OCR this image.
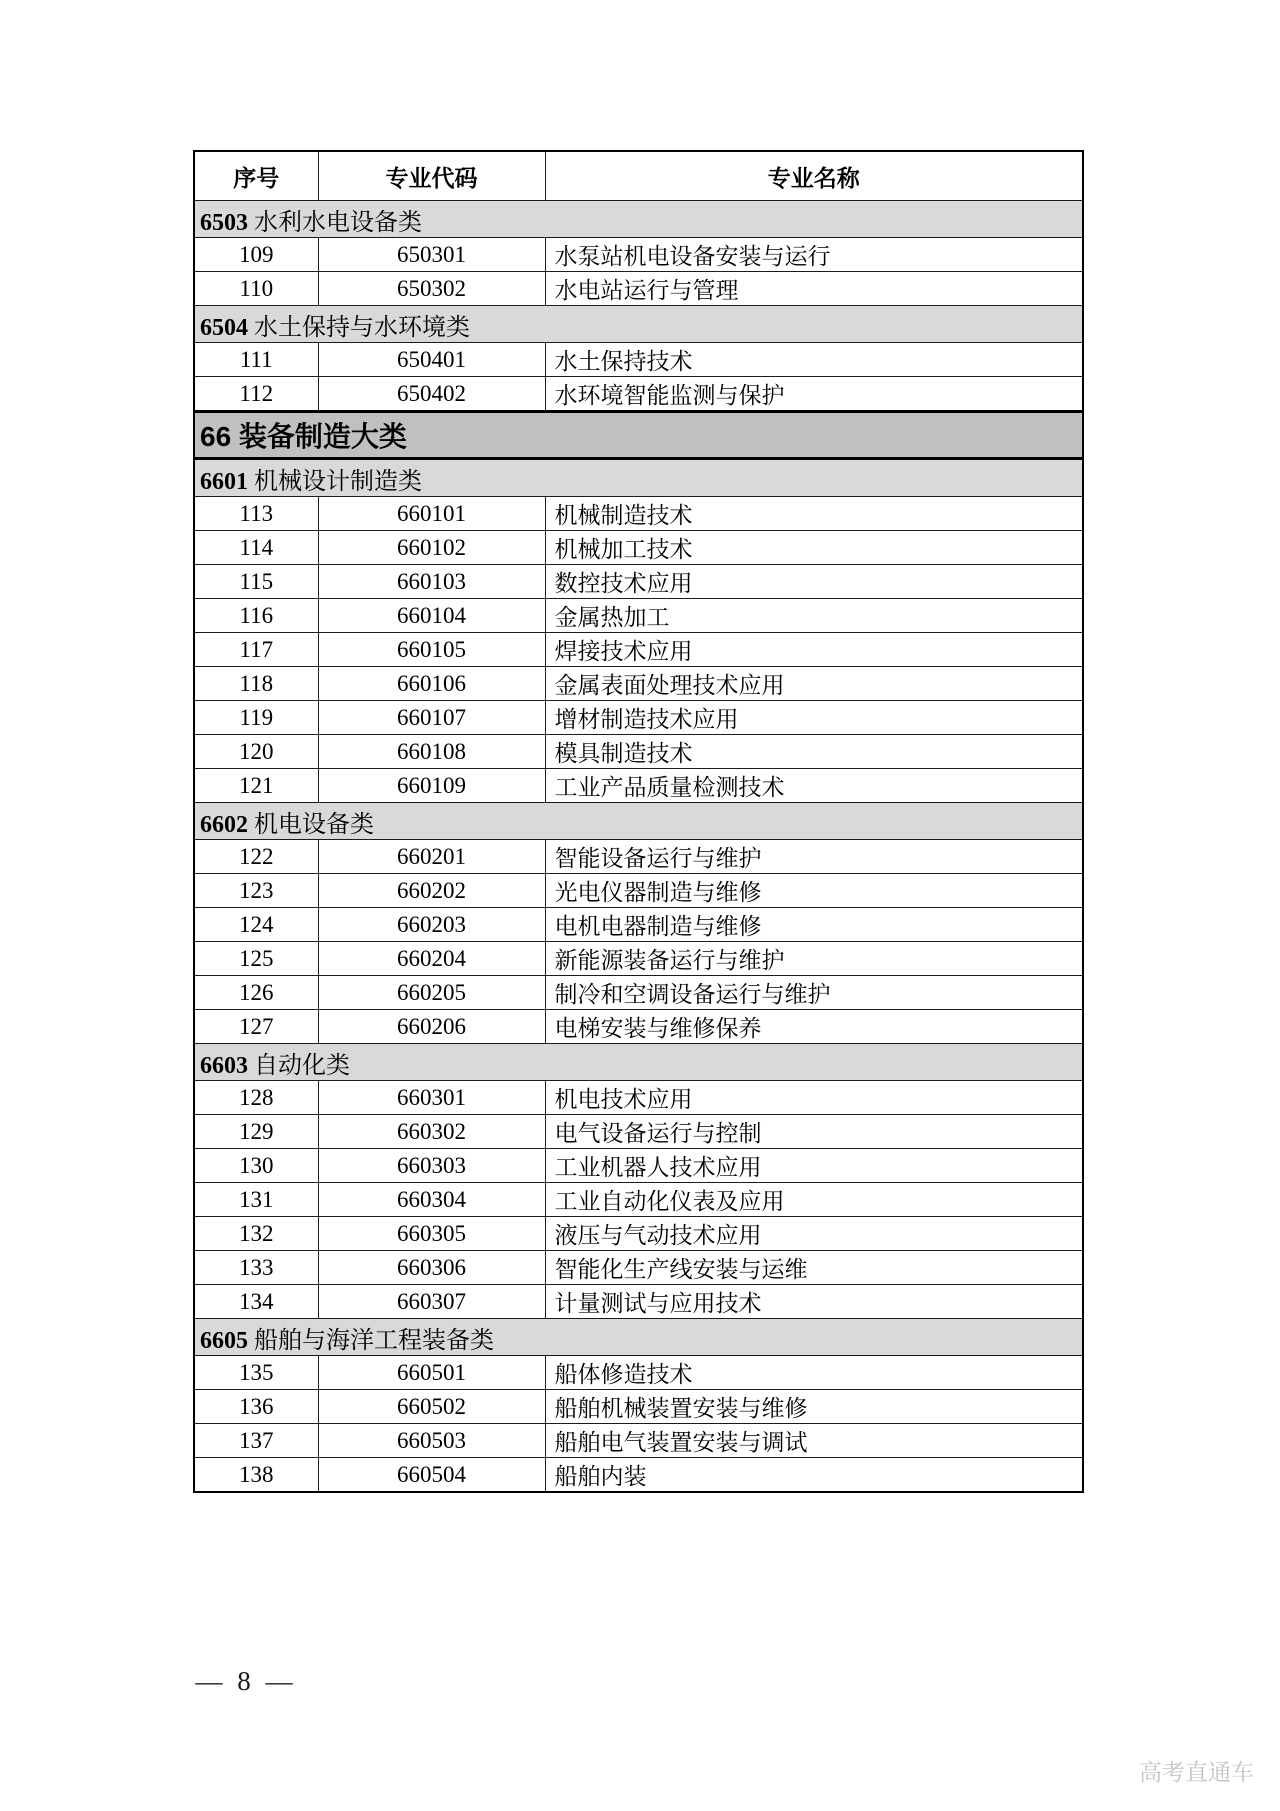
序号	专业代码	专业名称
6503 水利水电设备类		
109	650301	水泵站机电设备安装与运行
110	650302	水电站运行与管理
6504 水土保持与水环境类		
111	650401	水土保持技术
112	650402	水环境智能监测与保护
66 装备制造大类		
6601 机械设计制造类		
113	660101	机械制造技术
114	660102	机械加工技术
115	660103	数控技术应用
116	660104	金属热加工
117	660105	焊接技术应用
118	660106	金属表面处理技术应用
119	660107	增材制造技术应用
120	660108	模具制造技术
121	660109	工业产品质量检测技术
6602 机电设备类		
122	660201	智能设备运行与维护
123	660202	光电仪器制造与维修
124	660203	电机电器制造与维修
125	660204	新能源装备运行与维护
126	660205	制冷和空调设备运行与维护
127	660206	电梯安装与维修保养
6603 自动化类		
128	660301	机电技术应用
129	660302	电气设备运行与控制
130	660303	工业机器人技术应用
131	660304	工业自动化仪表及应用
132	660305	液压与气动技术应用
133	660306	智能化生产线安装与运维
134	660307	计量测试与应用技术
6605 船舶与海洋工程装备类		
135	660501	船体修造技术
136	660502	船舶机械装置安装与维修
137	660503	船舶电气装置安装与调试
138	660504	船舶内装
— 8 —
高考直通车
